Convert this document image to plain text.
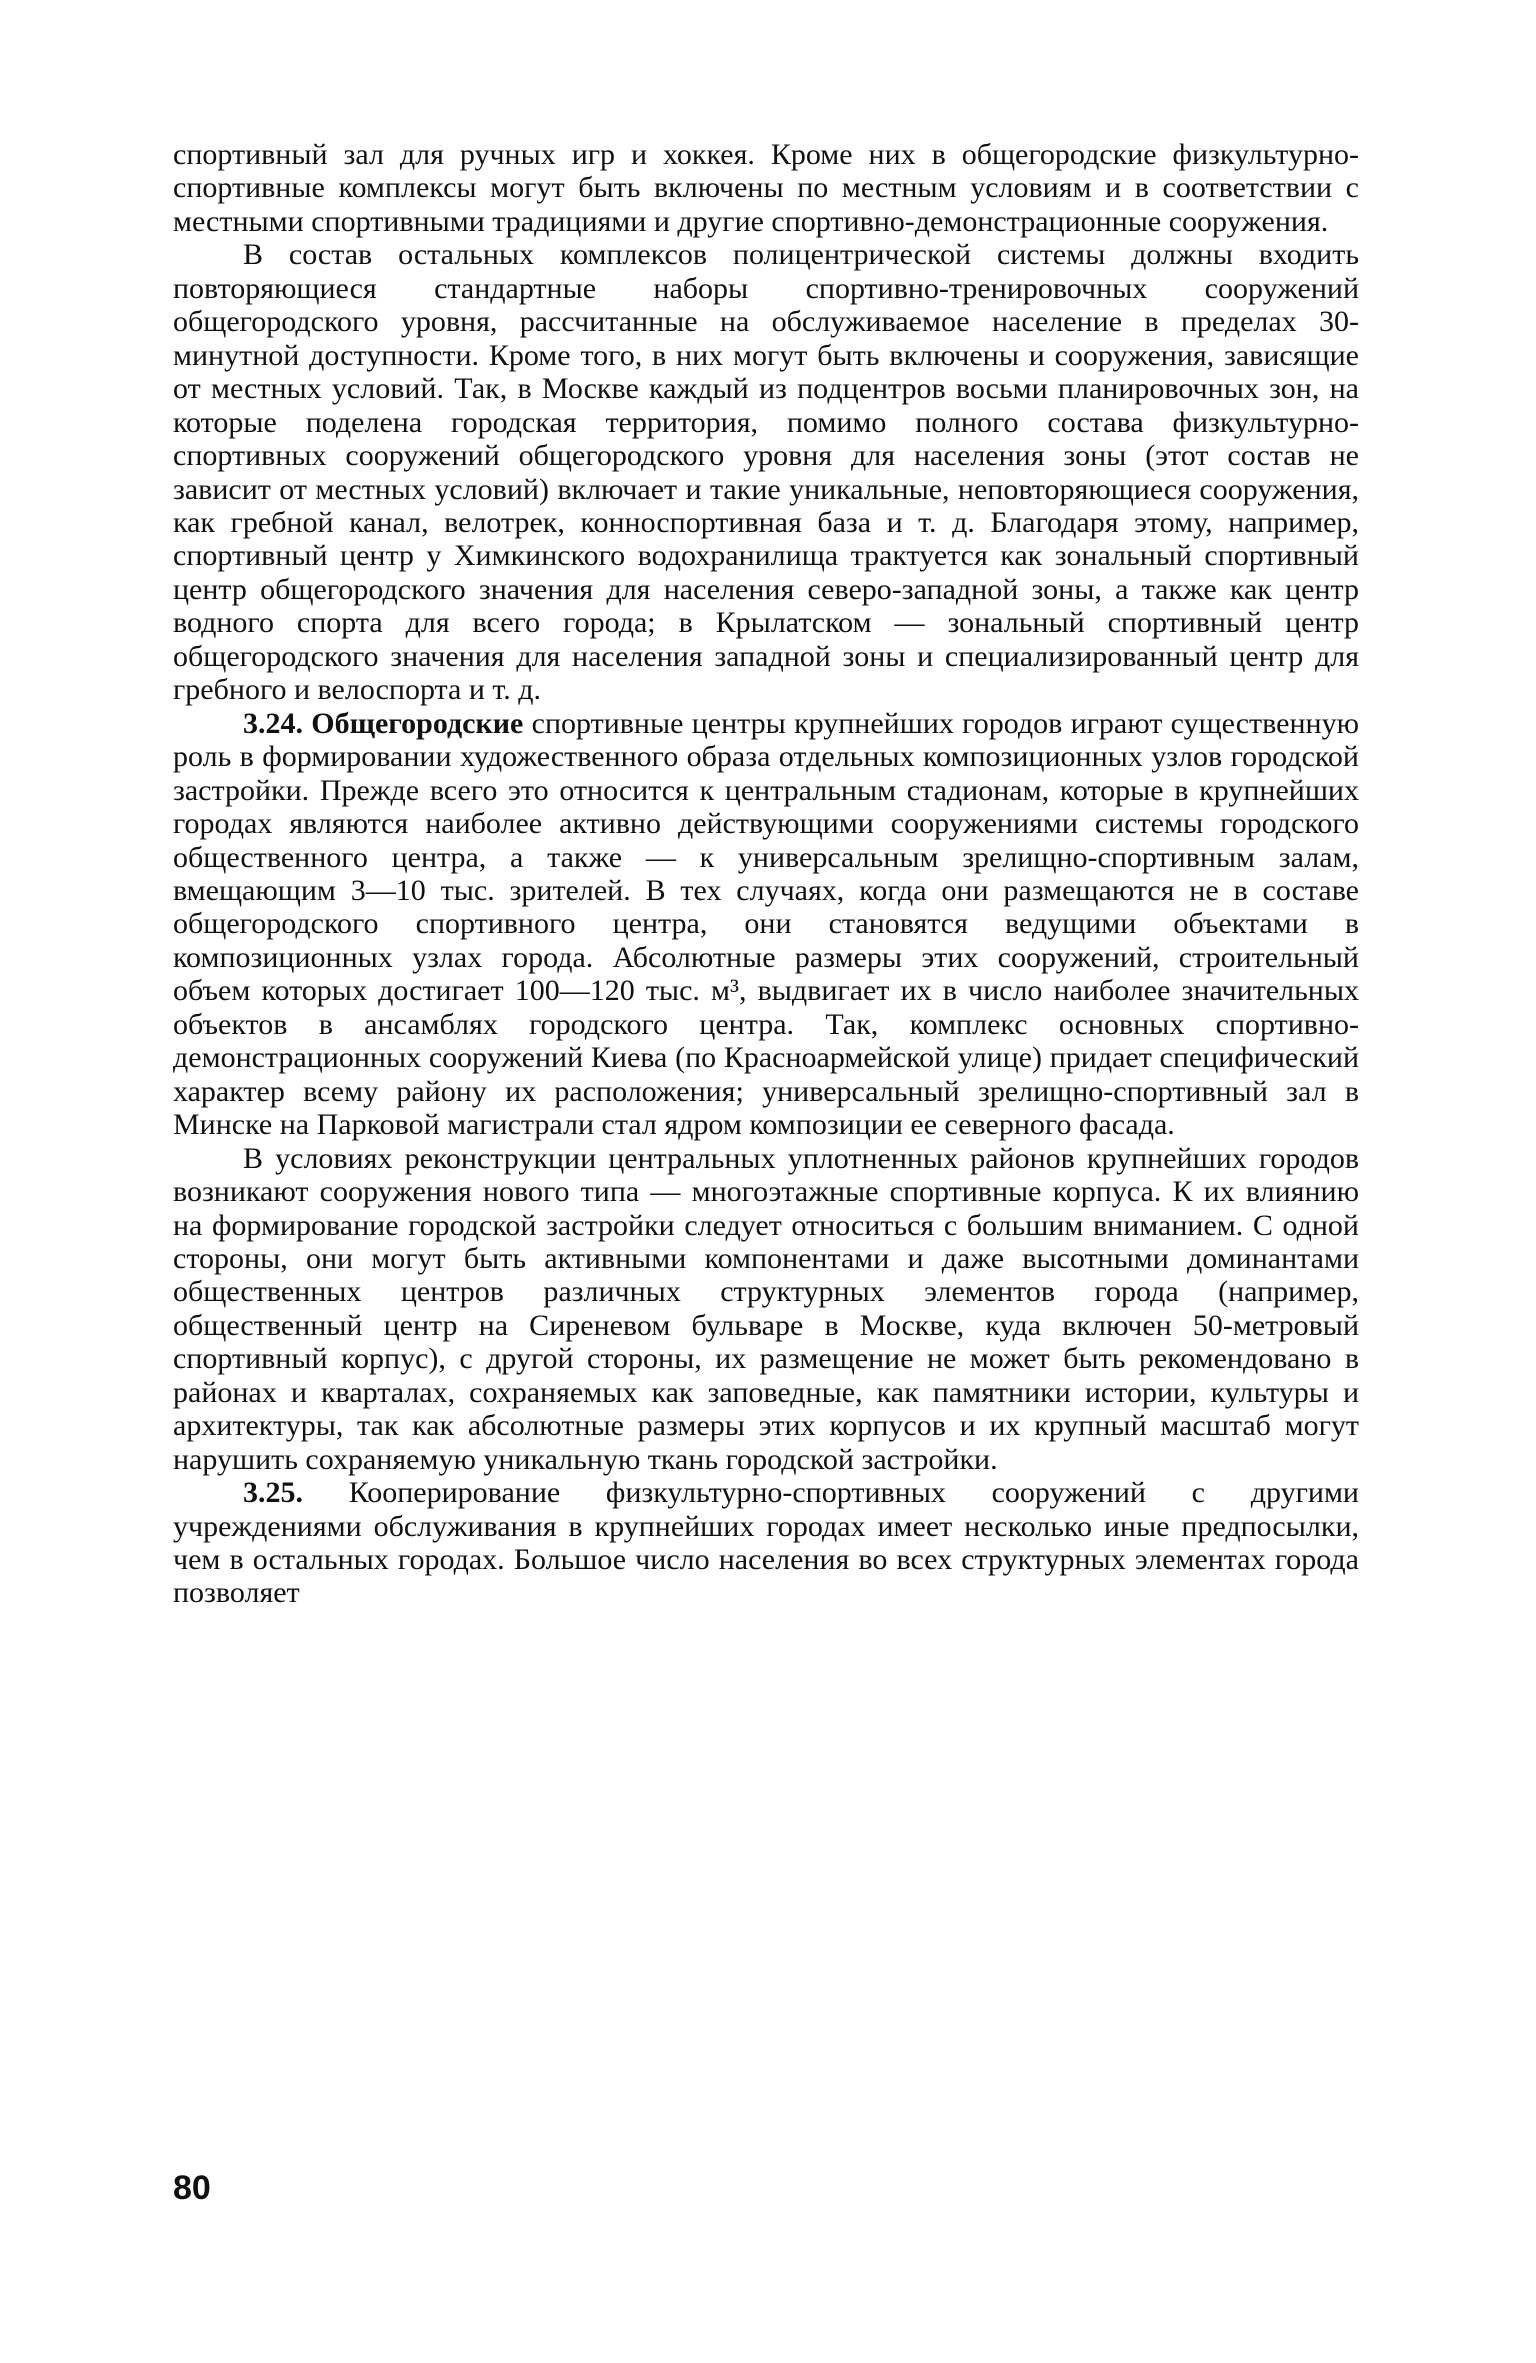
спортивный зал для ручных игр и хоккея. Кроме них в общегородские физкультурно-спортивные комплексы могут быть включены по местным условиям и в соответствии с местными спортивными традициями и другие спортивно-демонстрационные сооружения.

В состав остальных комплексов полицентрической системы должны входить повторяющиеся стандартные наборы спортивно-тренировочных сооружений общегородского уровня, рассчитанные на обслуживаемое население в пределах 30-минутной доступности. Кроме того, в них могут быть включены и сооружения, зависящие от местных условий. Так, в Москве каждый из подцентров восьми планировочных зон, на которые поделена городская территория, помимо полного состава физкультурно-спортивных сооружений общегородского уровня для населения зоны (этот состав не зависит от местных условий) включает и такие уникальные, неповторяющиеся сооружения, как гребной канал, велотрек, конноспортивная база и т. д. Благодаря этому, например, спортивный центр у Химкинского водохранилища трактуется как зональный спортивный центр общегородского значения для населения северо-западной зоны, а также как центр водного спорта для всего города; в Крылатском — зональный спортивный центр общегородского значения для населения западной зоны и специализированный центр для гребного и велоспорта и т. д.

3.24. Общегородские спортивные центры крупнейших городов играют существенную роль в формировании художественного образа отдельных композиционных узлов городской застройки. Прежде всего это относится к центральным стадионам, которые в крупнейших городах являются наиболее активно действующими сооружениями системы городского общественного центра, а также — к универсальным зрелищно-спортивным залам, вмещающим 3—10 тыс. зрителей. В тех случаях, когда они размещаются не в составе общегородского спортивного центра, они становятся ведущими объектами в композиционных узлах города. Абсолютные размеры этих сооружений, строительный объем которых достигает 100—120 тыс. м³, выдвигает их в число наиболее значительных объектов в ансамблях городского центра. Так, комплекс основных спортивно-демонстрационных сооружений Киева (по Красноармейской улице) придает специфический характер всему району их расположения; универсальный зрелищно-спортивный зал в Минске на Парковой магистрали стал ядром композиции ее северного фасада.

В условиях реконструкции центральных уплотненных районов крупнейших городов возникают сооружения нового типа — многоэтажные спортивные корпуса. К их влиянию на формирование городской застройки следует относиться с большим вниманием. С одной стороны, они могут быть активными компонентами и даже высотными доминантами общественных центров различных структурных элементов города (например, общественный центр на Сиреневом бульваре в Москве, куда включен 50-метровый спортивный корпус), с другой стороны, их размещение не может быть рекомендовано в районах и кварталах, сохраняемых как заповедные, как памятники истории, культуры и архитектуры, так как абсолютные размеры этих корпусов и их крупный масштаб могут нарушить сохраняемую уникальную ткань городской застройки.

3.25. Кооперирование физкультурно-спортивных сооружений с другими учреждениями обслуживания в крупнейших городах имеет несколько иные предпосылки, чем в остальных городах. Большое число населения во всех структурных элементах города позволяет

80
